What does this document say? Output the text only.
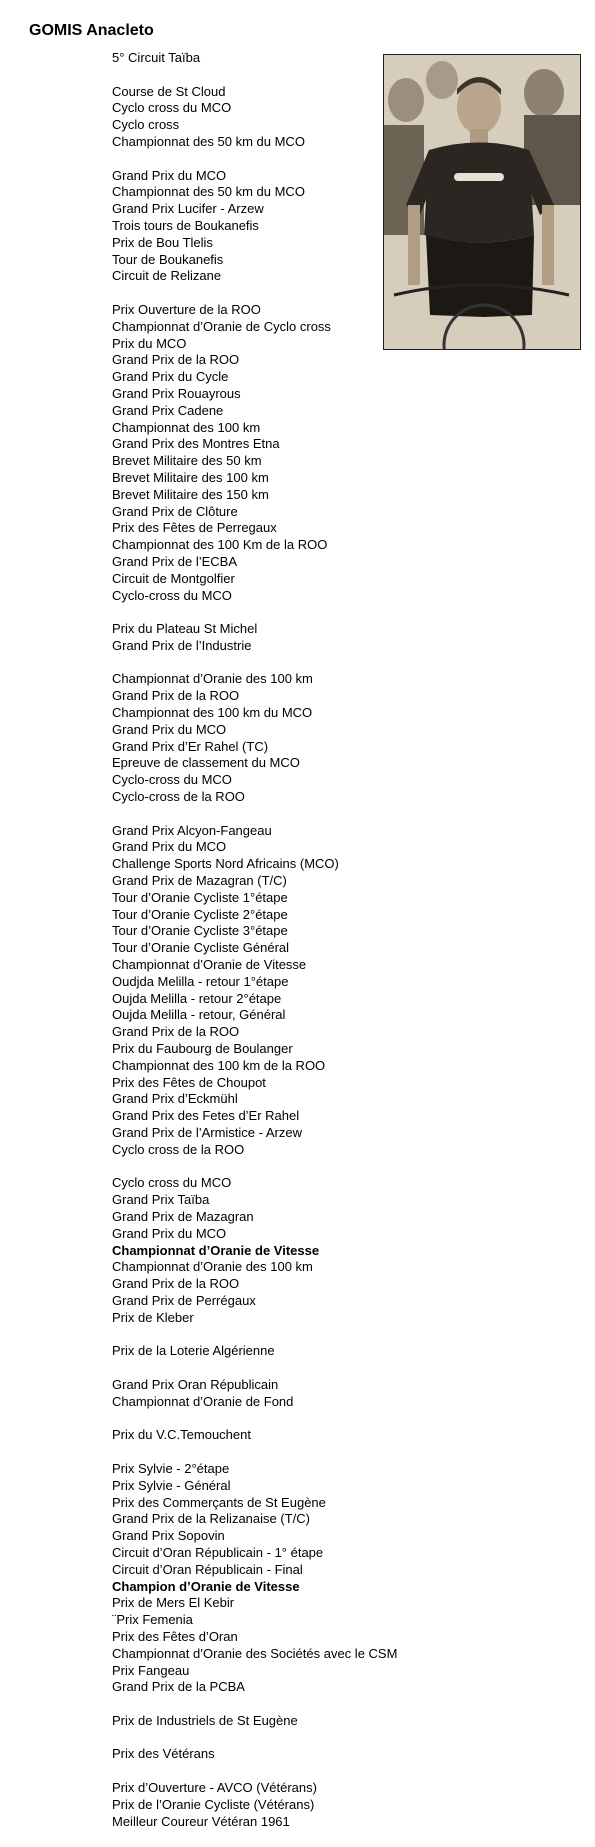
GOMIS Anacleto
5° Circuit Taïba
Course de St Cloud
Cyclo cross du MCO
Cyclo cross
Championnat des 50 km du MCO
Grand Prix du MCO
Championnat des 50 km du MCO
Grand Prix Lucifer - Arzew
Trois tours de Boukanefis
Prix de Bou Tlelis
Tour de Boukanefis
Circuit de Relizane
Prix Ouverture de la ROO
Championnat d’Oranie de Cyclo cross
Prix du MCO
Grand Prix de la ROO
Grand Prix du Cycle
Grand Prix Rouayrous
Grand Prix Cadene
Championnat des 100 km
Grand Prix des Montres Etna
Brevet Militaire des 50 km
Brevet Militaire des 100 km
Brevet Militaire des 150 km
Grand Prix de Clôture
Prix des Fêtes de Perregaux
Championnat des 100 Km de la ROO
Grand Prix de l’ECBA
Circuit de Montgolfier
Cyclo-cross du MCO
Prix du Plateau St Michel
Grand Prix de l’Industrie
Championnat d’Oranie des 100 km
Grand Prix de la ROO
Championnat des 100 km du MCO
Grand Prix du MCO
Grand Prix d’Er Rahel (TC)
Epreuve de classement du MCO
Cyclo-cross du MCO
Cyclo-cross de la ROO
Grand Prix Alcyon-Fangeau
Grand Prix du MCO
Challenge Sports Nord Africains (MCO)
Grand Prix de Mazagran (T/C)
Tour d’Oranie Cycliste 1°étape
Tour d’Oranie Cycliste 2°étape
Tour d’Oranie Cycliste 3°étape
Tour d’Oranie Cycliste Général
Championnat d’Oranie de Vitesse
Oudjda Melilla - retour 1°étape
Oujda Melilla - retour 2°étape
Oujda Melilla - retour, Général
Grand Prix de la ROO
Prix du Faubourg de Boulanger
Championnat des 100 km de la ROO
Prix des Fêtes de Choupot
Grand Prix d’Eckmühl
Grand Prix des Fetes d’Er Rahel
Grand Prix de l’Armistice - Arzew
Cyclo cross de la ROO
Cyclo cross du MCO
Grand Prix Taïba
Grand Prix de Mazagran
Grand Prix du MCO
Championnat d’Oranie de Vitesse
Championnat d’Oranie des 100 km
Grand Prix de la ROO
Grand Prix de Perrégaux
Prix de Kleber
Prix de la Loterie Algérienne
Grand Prix Oran Républicain
Championnat d’Oranie de Fond
Prix du V.C.Temouchent
Prix Sylvie - 2°étape
Prix Sylvie - Général
Prix des Commerçants de St Eugène
Grand Prix de la Relizanaise (T/C)
Grand Prix Sopovin
Circuit d’Oran Républicain - 1° étape
Circuit d’Oran Républicain - Final
Champion d’Oranie de Vitesse
Prix de Mers El Kebir
¨Prix Femenia
Prix des Fêtes d’Oran
Championnat d’Oranie des Sociétés avec le CSM
Prix Fangeau
Grand Prix de la PCBA
Prix de Industriels de St Eugène
Prix des Vétérans
Prix d’Ouverture - AVCO (Vétérans)
Prix de l’Oranie Cycliste (Vétérans)
Meilleur Coureur Vétéran 1961
